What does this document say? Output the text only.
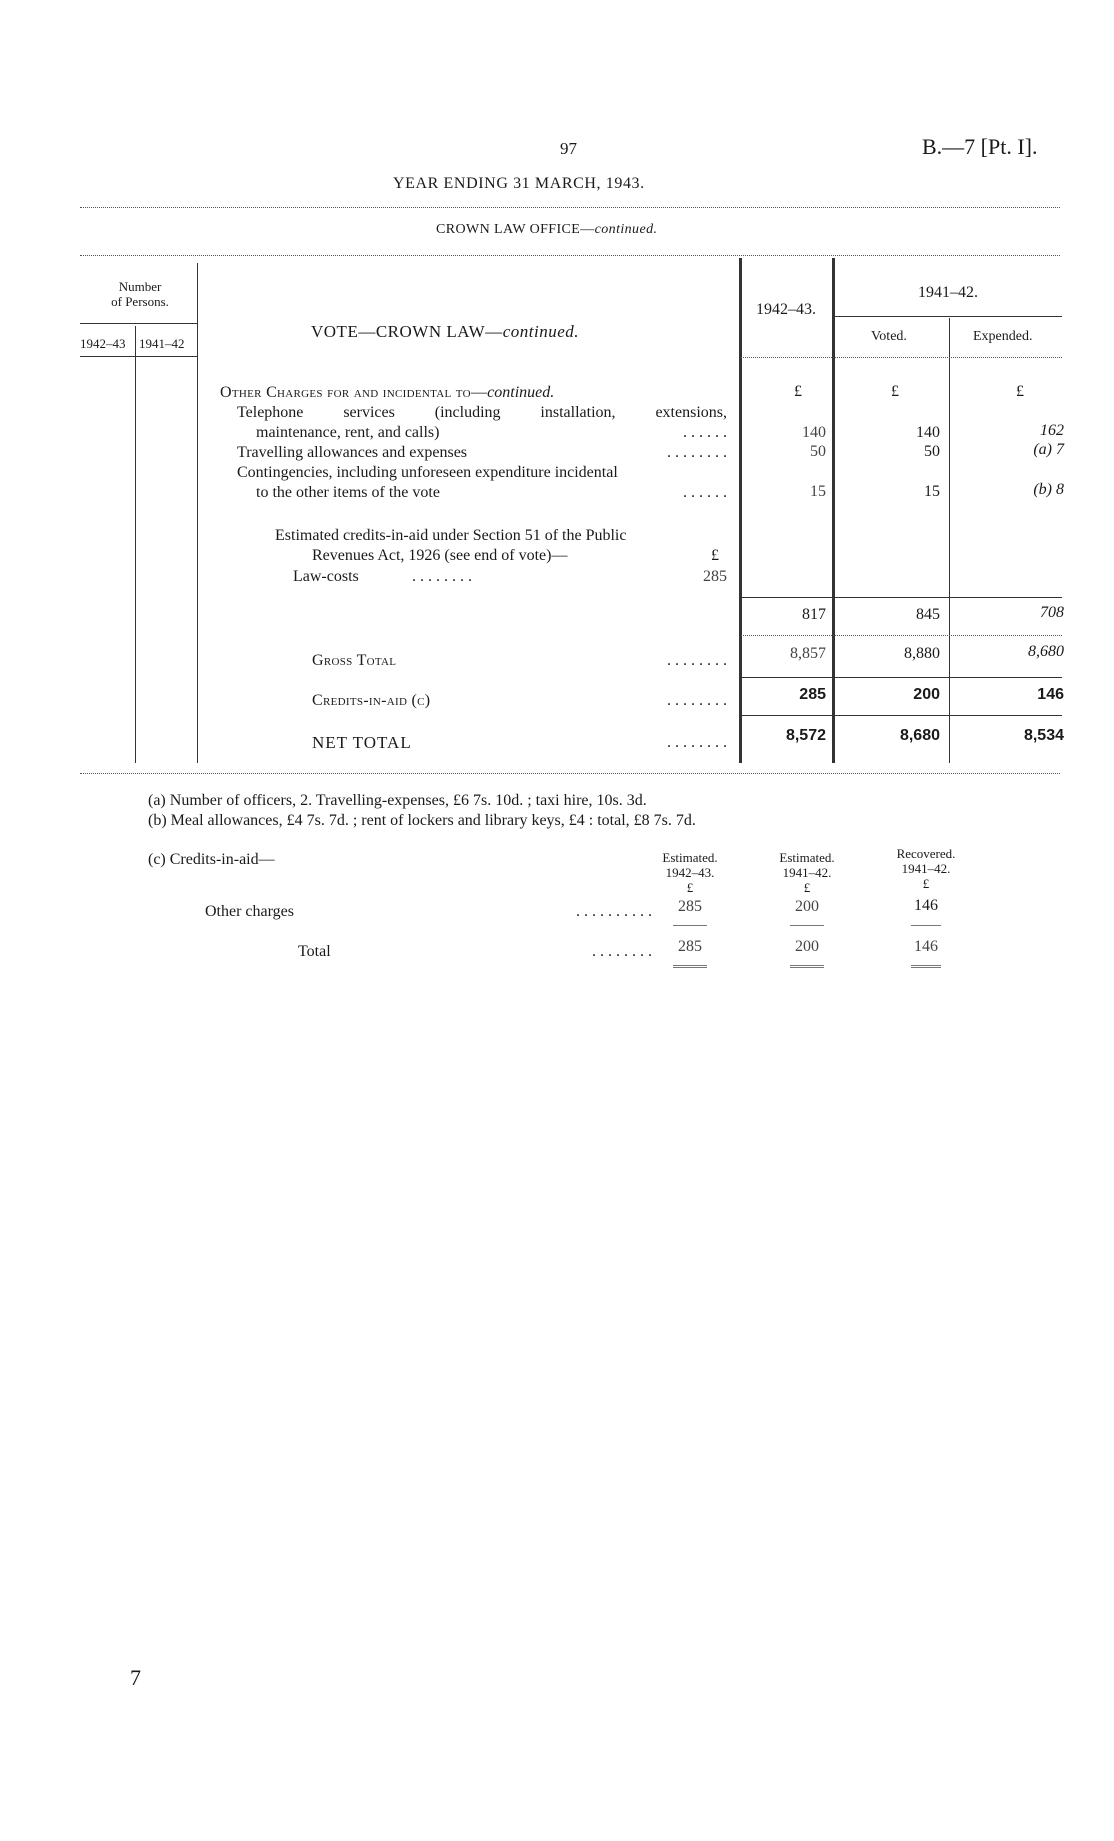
97	B.—7 [Pt. I].
YEAR ENDING 31 MARCH, 1943.
CROWN LAW OFFICE—continued.
Number
of Persons.
1942–43 1941–42
VOTE—CROWN LAW—continued.
1942–43.
1941–42.
Voted.	Expended.
Other Charges for and incidental to—continued.	£	£	£
Telephone services (including installation, extensions,
maintenance, rent, and calls)	. . . . . .	140	140	162
Travelling allowances and expenses	. . . . . . . .	50	50	(a) 7
Contingencies, including unforeseen expenditure incidental
to the other items of the vote	. . . . . .	15	15	(b) 8
Estimated credits-in-aid under Section 51 of the Public
Revenues Act, 1926 (see end of vote)—	£
Law-costs	. . . . . . . .	285
817	845	708
Gross Total	. . . . . . . .	8,857	8,880	8,680
Credits-in-aid (c)	. . . . . . . .	285	200	146
NET TOTAL	. . . . . . . .	8,572	8,680	8,534
(a) Number of officers, 2. Travelling-expenses, £6 7s. 10d. ; taxi hire, 10s. 3d.
(b) Meal allowances, £4 7s. 7d. ; rent of lockers and library keys, £4 : total, £8 7s. 7d.
(c) Credits-in-aid—	Estimated.
1942–43.
£
Estimated.
1941–42.
£
Recovered.
1941–42.
£
Other charges	. . . . . . . . . .	285	200	146
Total	. . . . . . . .	285	200	146
7
